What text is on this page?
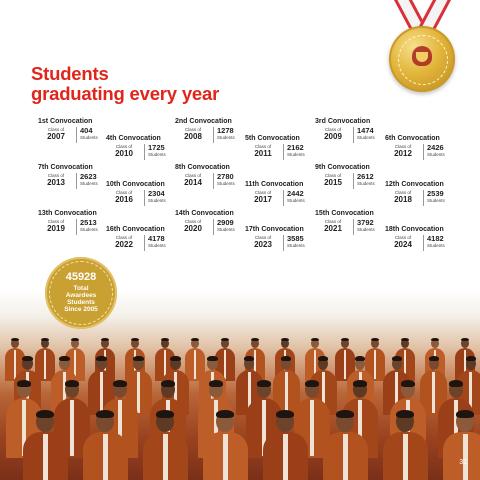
Students
graduating every year
1st Convocation
Class of
2007
404
Students
2nd Convocation
Class of
2008
1278
Students
3rd Convocation
Class of
2009
1474
Students
4th Convocation
Class of
2010
1725
Students
5th Convocation
Class of
2011
2162
Students
6th Convocation
Class of
2012
2426
Students
7th Convocation
Class of
2013
2623
Students
8th Convocation
Class of
2014
2780
Students
9th Convocation
Class of
2015
2612
Students
10th Convocation
Class of
2016
2304
Students
11th Convocation
Class of
2017
2442
Students
12th Convocation
Class of
2018
2539
Students
13th Convocation
Class of
2019
2513
Students
14th Convocation
Class of
2020
2909
Students
15th Convocation
Class of
2021
3792
Students
16th Convocation
Class of
2022
4178
Students
17th Convocation
Class of
2023
3585
Students
18th Convocation
Class of
2024
4182
Students
31
45928
Total
Awardees
Students
Since 2005
